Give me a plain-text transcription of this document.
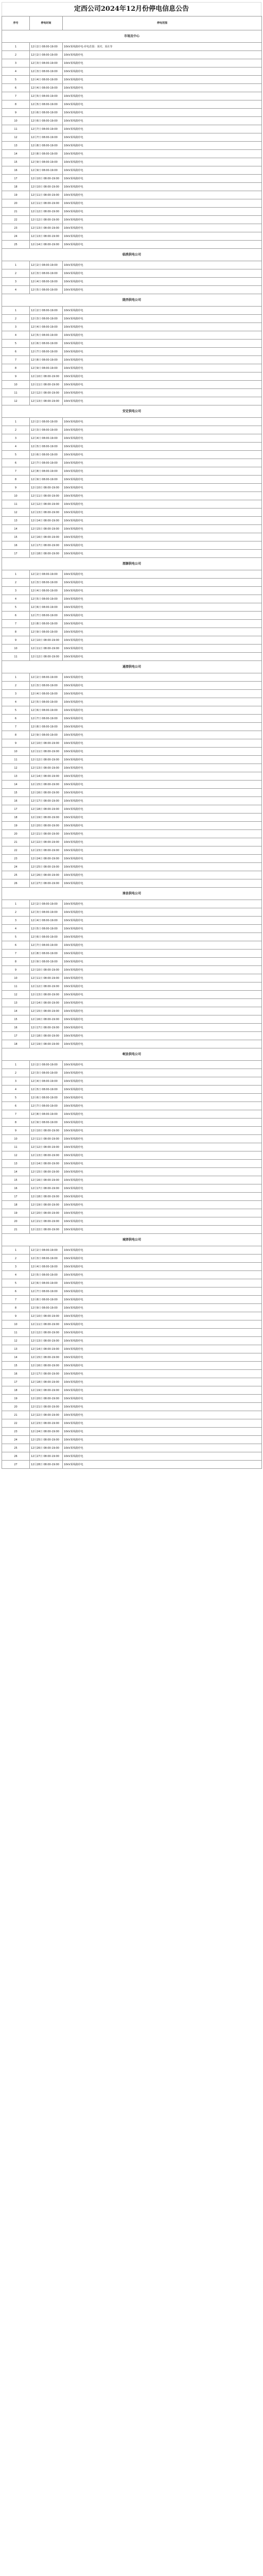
定西公司2024年12月份停电信息公告
序号	停电时间	停电范围
市场及中心		
1	12月2日 08:00-19:00	10kV某线路停电-停电范围：某村、某社等
2	12月2日 08:00-19:00	10kV某线路停电
3	12月3日 08:00-19:00	10kV某线路停电
4	12月3日 08:00-19:00	10kV某线路停电
5	12月4日 08:00-19:00	10kV某线路停电
6	12月4日 08:00-19:00	10kV某线路停电
7	12月5日 08:00-19:00	10kV某线路停电
8	12月5日 08:00-19:00	10kV某线路停电
9	12月6日 08:00-19:00	10kV某线路停电
10	12月6日 08:00-19:00	10kV某线路停电
11	12月7日 08:00-19:00	10kV某线路停电
12	12月7日 08:00-19:00	10kV某线路停电
13	12月8日 08:00-19:00	10kV某线路停电
14	12月8日 08:00-19:00	10kV某线路停电
15	12月9日 08:00-19:00	10kV某线路停电
16	12月9日 08:00-19:00	10kV某线路停电
17	12月10日 08:00-19:00	10kV某线路停电
18	12月10日 08:00-19:00	10kV某线路停电
19	12月11日 08:00-19:00	10kV某线路停电
20	12月11日 08:00-19:00	10kV某线路停电
21	12月12日 08:00-19:00	10kV某线路停电
22	12月12日 08:00-19:00	10kV某线路停电
23	12月13日 08:00-19:00	10kV某线路停电
24	12月13日 08:00-19:00	10kV某线路停电
25	12月14日 08:00-19:00	10kV某线路停电
临洮供电公司		
1	12月2日 08:00-19:00	10kV某线路停电
2	12月3日 08:00-19:00	10kV某线路停电
3	12月4日 08:00-19:00	10kV某线路停电
4	12月5日 08:00-19:00	10kV某线路停电
陇西供电公司		
1	12月2日 08:00-19:00	10kV某线路停电
2	12月3日 08:00-19:00	10kV某线路停电
3	12月4日 08:00-19:00	10kV某线路停电
4	12月5日 08:00-19:00	10kV某线路停电
5	12月6日 08:00-19:00	10kV某线路停电
6	12月7日 08:00-19:00	10kV某线路停电
7	12月8日 08:00-19:00	10kV某线路停电
8	12月9日 08:00-19:00	10kV某线路停电
9	12月10日 08:00-19:00	10kV某线路停电
10	12月11日 08:00-19:00	10kV某线路停电
11	12月12日 08:00-19:00	10kV某线路停电
12	12月13日 08:00-19:00	10kV某线路停电
安定供电公司		
1	12月2日 08:00-19:00	10kV某线路停电
2	12月3日 08:00-19:00	10kV某线路停电
3	12月4日 08:00-19:00	10kV某线路停电
4	12月5日 08:00-19:00	10kV某线路停电
5	12月6日 08:00-19:00	10kV某线路停电
6	12月7日 08:00-19:00	10kV某线路停电
7	12月8日 08:00-19:00	10kV某线路停电
8	12月9日 08:00-19:00	10kV某线路停电
9	12月10日 08:00-19:00	10kV某线路停电
10	12月11日 08:00-19:00	10kV某线路停电
11	12月12日 08:00-19:00	10kV某线路停电
12	12月13日 08:00-19:00	10kV某线路停电
13	12月14日 08:00-19:00	10kV某线路停电
14	12月15日 08:00-19:00	10kV某线路停电
15	12月16日 08:00-19:00	10kV某线路停电
16	12月17日 08:00-19:00	10kV某线路停电
17	12月18日 08:00-19:00	10kV某线路停电
渭源供电公司		
1	12月2日 08:00-19:00	10kV某线路停电
2	12月3日 08:00-19:00	10kV某线路停电
3	12月4日 08:00-19:00	10kV某线路停电
4	12月5日 08:00-19:00	10kV某线路停电
5	12月6日 08:00-19:00	10kV某线路停电
6	12月7日 08:00-19:00	10kV某线路停电
7	12月8日 08:00-19:00	10kV某线路停电
8	12月9日 08:00-19:00	10kV某线路停电
9	12月10日 08:00-19:00	10kV某线路停电
10	12月11日 08:00-19:00	10kV某线路停电
11	12月12日 08:00-19:00	10kV某线路停电
通渭供电公司		
1	12月2日 08:00-19:00	10kV某线路停电
2	12月3日 08:00-19:00	10kV某线路停电
3	12月4日 08:00-19:00	10kV某线路停电
4	12月5日 08:00-19:00	10kV某线路停电
5	12月6日 08:00-19:00	10kV某线路停电
6	12月7日 08:00-19:00	10kV某线路停电
7	12月8日 08:00-19:00	10kV某线路停电
8	12月9日 08:00-19:00	10kV某线路停电
9	12月10日 08:00-19:00	10kV某线路停电
10	12月11日 08:00-19:00	10kV某线路停电
11	12月12日 08:00-19:00	10kV某线路停电
12	12月13日 08:00-19:00	10kV某线路停电
13	12月14日 08:00-19:00	10kV某线路停电
14	12月15日 08:00-19:00	10kV某线路停电
15	12月16日 08:00-19:00	10kV某线路停电
16	12月17日 08:00-19:00	10kV某线路停电
17	12月18日 08:00-19:00	10kV某线路停电
18	12月19日 08:00-19:00	10kV某线路停电
19	12月20日 08:00-19:00	10kV某线路停电
20	12月21日 08:00-19:00	10kV某线路停电
21	12月22日 08:00-19:00	10kV某线路停电
22	12月23日 08:00-19:00	10kV某线路停电
23	12月24日 08:00-19:00	10kV某线路停电
24	12月25日 08:00-19:00	10kV某线路停电
25	12月26日 08:00-19:00	10kV某线路停电
26	12月27日 08:00-19:00	10kV某线路停电
漳县供电公司		
1	12月2日 08:00-19:00	10kV某线路停电
2	12月3日 08:00-19:00	10kV某线路停电
3	12月4日 08:00-19:00	10kV某线路停电
4	12月5日 08:00-19:00	10kV某线路停电
5	12月6日 08:00-19:00	10kV某线路停电
6	12月7日 08:00-19:00	10kV某线路停电
7	12月8日 08:00-19:00	10kV某线路停电
8	12月9日 08:00-19:00	10kV某线路停电
9	12月10日 08:00-19:00	10kV某线路停电
10	12月11日 08:00-19:00	10kV某线路停电
11	12月12日 08:00-19:00	10kV某线路停电
12	12月13日 08:00-19:00	10kV某线路停电
13	12月14日 08:00-19:00	10kV某线路停电
14	12月15日 08:00-19:00	10kV某线路停电
15	12月16日 08:00-19:00	10kV某线路停电
16	12月17日 08:00-19:00	10kV某线路停电
17	12月18日 08:00-19:00	10kV某线路停电
18	12月19日 08:00-19:00	10kV某线路停电
岷县供电公司		
1	12月2日 08:00-19:00	10kV某线路停电
2	12月3日 08:00-19:00	10kV某线路停电
3	12月4日 08:00-19:00	10kV某线路停电
4	12月5日 08:00-19:00	10kV某线路停电
5	12月6日 08:00-19:00	10kV某线路停电
6	12月7日 08:00-19:00	10kV某线路停电
7	12月8日 08:00-19:00	10kV某线路停电
8	12月9日 08:00-19:00	10kV某线路停电
9	12月10日 08:00-19:00	10kV某线路停电
10	12月11日 08:00-19:00	10kV某线路停电
11	12月12日 08:00-19:00	10kV某线路停电
12	12月13日 08:00-19:00	10kV某线路停电
13	12月14日 08:00-19:00	10kV某线路停电
14	12月15日 08:00-19:00	10kV某线路停电
15	12月16日 08:00-19:00	10kV某线路停电
16	12月17日 08:00-19:00	10kV某线路停电
17	12月18日 08:00-19:00	10kV某线路停电
18	12月19日 08:00-19:00	10kV某线路停电
19	12月20日 08:00-19:00	10kV某线路停电
20	12月21日 08:00-19:00	10kV某线路停电
21	12月22日 08:00-19:00	10kV某线路停电
城郊供电公司		
1	12月2日 08:00-19:00	10kV某线路停电
2	12月3日 08:00-19:00	10kV某线路停电
3	12月4日 08:00-19:00	10kV某线路停电
4	12月5日 08:00-19:00	10kV某线路停电
5	12月6日 08:00-19:00	10kV某线路停电
6	12月7日 08:00-19:00	10kV某线路停电
7	12月8日 08:00-19:00	10kV某线路停电
8	12月9日 08:00-19:00	10kV某线路停电
9	12月10日 08:00-19:00	10kV某线路停电
10	12月11日 08:00-19:00	10kV某线路停电
11	12月12日 08:00-19:00	10kV某线路停电
12	12月13日 08:00-19:00	10kV某线路停电
13	12月14日 08:00-19:00	10kV某线路停电
14	12月15日 08:00-19:00	10kV某线路停电
15	12月16日 08:00-19:00	10kV某线路停电
16	12月17日 08:00-19:00	10kV某线路停电
17	12月18日 08:00-19:00	10kV某线路停电
18	12月19日 08:00-19:00	10kV某线路停电
19	12月20日 08:00-19:00	10kV某线路停电
20	12月21日 08:00-19:00	10kV某线路停电
21	12月22日 08:00-19:00	10kV某线路停电
22	12月23日 08:00-19:00	10kV某线路停电
23	12月24日 08:00-19:00	10kV某线路停电
24	12月25日 08:00-19:00	10kV某线路停电
25	12月26日 08:00-19:00	10kV某线路停电
26	12月27日 08:00-19:00	10kV某线路停电
27	12月28日 08:00-19:00	10kV某线路停电
